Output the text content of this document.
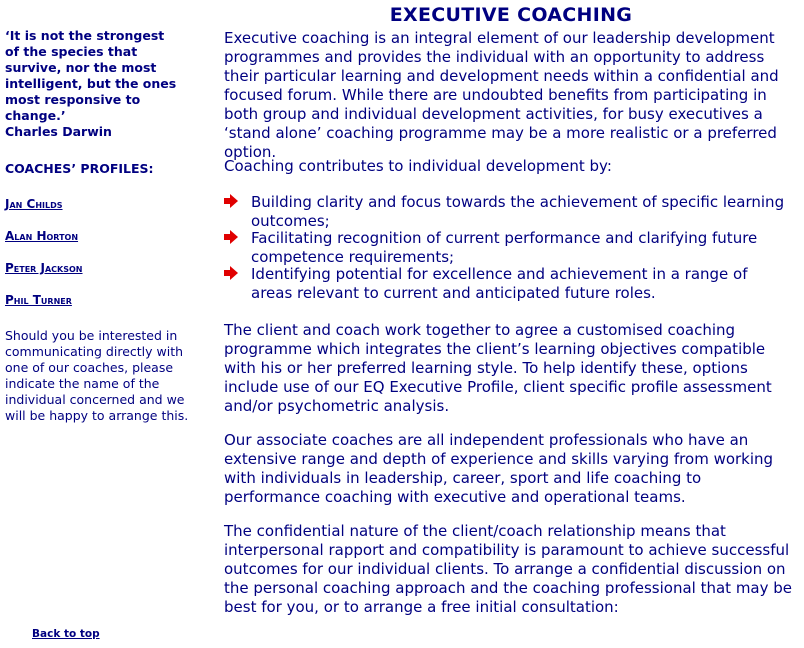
‘It is not the strongest
of the species that
survive, nor the most
intelligent, but the ones
most responsive to
change.’

Charles Darwin

COACHES’ PROFILES:

Jan Childs
Alan Horton
Peter Jackson
Phil Turner

Should you be interested in communicating directly with one of our coaches, please indicate the name of the individual concerned and we will be happy to arrange this.

Back to top
EXECUTIVE COACHING

Executive coaching is an integral element of our leadership development programmes and provides the individual with an opportunity to address their particular learning and development needs within a confidential and focused forum. While there are undoubted benefits from participating in both group and individual development activities, for busy executives a ‘stand alone’ coaching programme may be a more realistic or a preferred option.

Coaching contributes to individual development by:

Building clarity and focus towards the achievement of specific learning outcomes;
Facilitating recognition of current performance and clarifying future competence requirements;
Identifying potential for excellence and achievement in a range of areas relevant to current and anticipated future roles.

The client and coach work together to agree a customised coaching programme which integrates the client’s learning objectives compatible with his or her preferred learning style. To help identify these, options include use of our EQ Executive Profile, client specific profile assessment and/or psychometric analysis.

Our associate coaches are all independent professionals who have an extensive range and depth of experience and skills varying from working with individuals in leadership, career, sport and life coaching to performance coaching with executive and operational teams.

The confidential nature of the client/coach relationship means that interpersonal rapport and compatibility is paramount to achieve successful outcomes for our individual clients. To arrange a confidential discussion on the personal coaching approach and the coaching professional that may be best for you, or to arrange a free initial consultation:
